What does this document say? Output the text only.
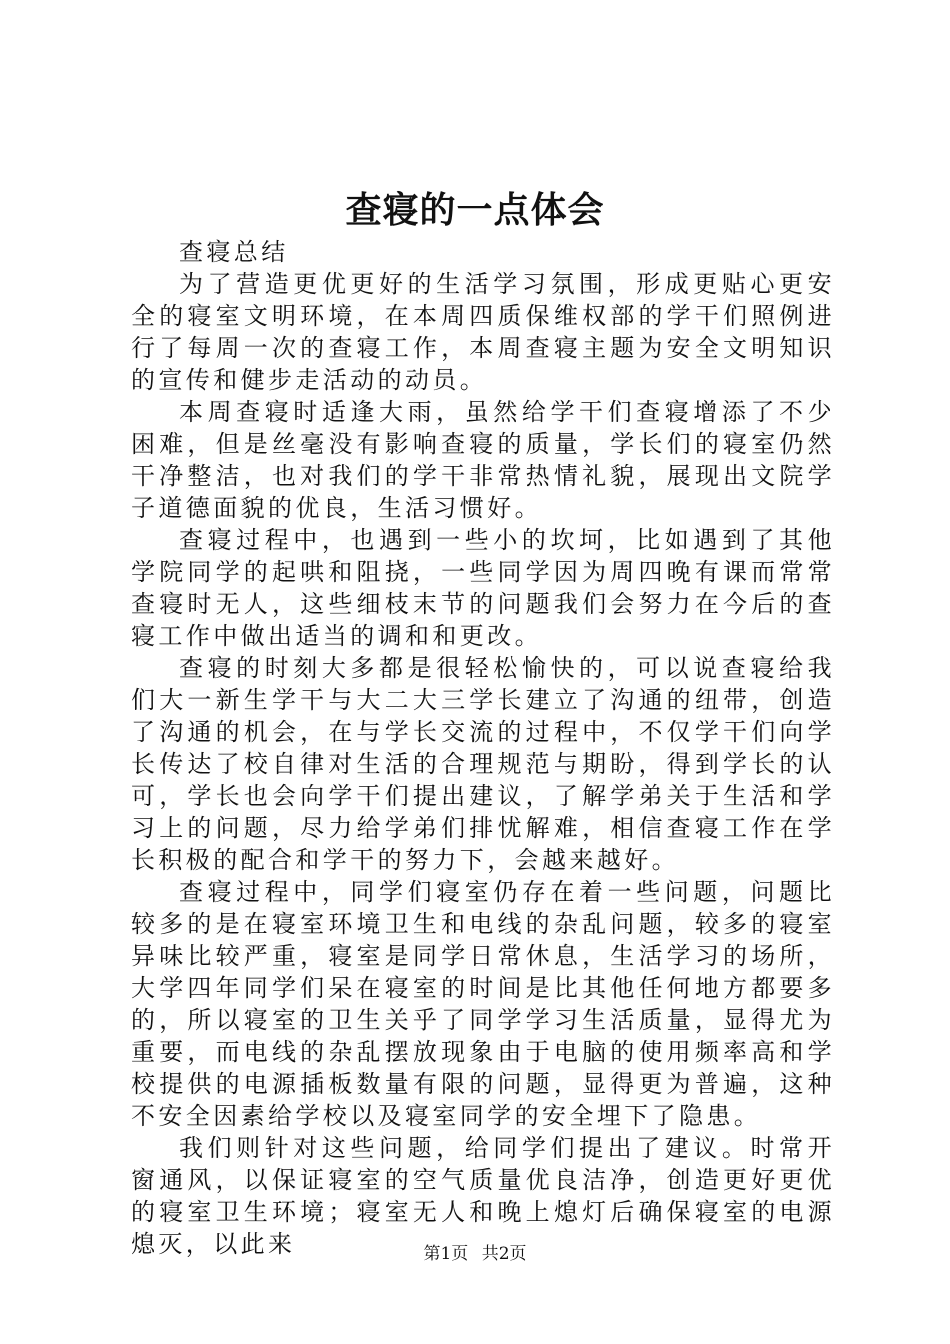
查寝的一点体会

查寝总结

为了营造更优更好的生活学习氛围，形成更贴心更安全的寝室文明环境，在本周四质保维权部的学干们照例进行了每周一次的查寝工作，本周查寝主题为安全文明知识的宣传和健步走活动的动员。

本周查寝时适逢大雨，虽然给学干们查寝增添了不少困难，但是丝毫没有影响查寝的质量，学长们的寝室仍然干净整洁，也对我们的学干非常热情礼貌，展现出文院学子道德面貌的优良，生活习惯好。

查寝过程中，也遇到一些小的坎坷，比如遇到了其他学院同学的起哄和阻挠，一些同学因为周四晚有课而常常查寝时无人，这些细枝末节的问题我们会努力在今后的查寝工作中做出适当的调和和更改。

查寝的时刻大多都是很轻松愉快的，可以说查寝给我们大一新生学干与大二大三学长建立了沟通的纽带，创造了沟通的机会，在与学长交流的过程中，不仅学干们向学长传达了校自律对生活的合理规范与期盼，得到学长的认可，学长也会向学干们提出建议，了解学弟关于生活和学习上的问题，尽力给学弟们排忧解难，相信查寝工作在学长积极的配合和学干的努力下，会越来越好。

查寝过程中，同学们寝室仍存在着一些问题，问题比较多的是在寝室环境卫生和电线的杂乱问题，较多的寝室异味比较严重，寝室是同学日常休息，生活学习的场所，大学四年同学们呆在寝室的时间是比其他任何地方都要多的，所以寝室的卫生关乎了同学学习生活质量，显得尤为重要，而电线的杂乱摆放现象由于电脑的使用频率高和学校提供的电源插板数量有限的问题，显得更为普遍，这种不安全因素给学校以及寝室同学的安全埋下了隐患。

我们则针对这些问题，给同学们提出了建议。时常开窗通风，以保证寝室的空气质量优良洁净，创造更好更优的寝室卫生环境；寝室无人和晚上熄灯后确保寝室的电源熄灭，以此来	第1页 共2页
